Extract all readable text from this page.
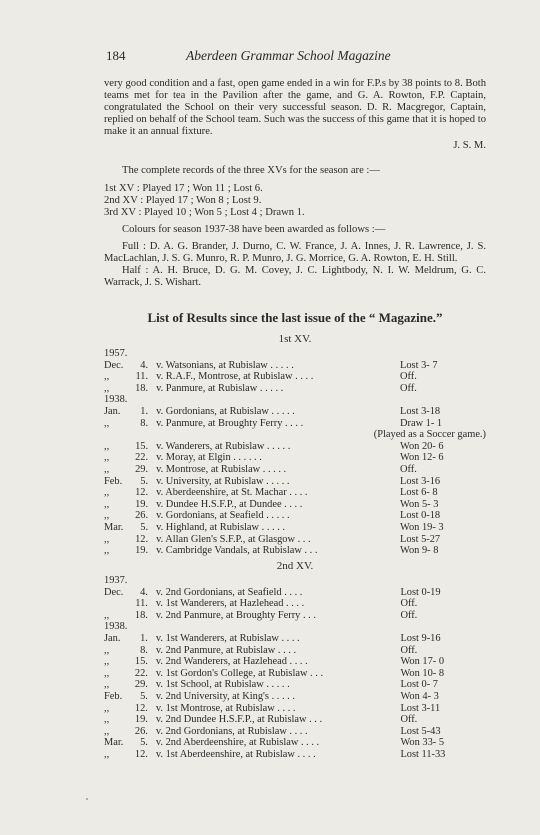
184	Aberdeen Grammar School Magazine
very good condition and a fast, open game ended in a win for F.P.s by 38 points to 8. Both teams met for tea in the Pavilion after the game, and G. A. Rowton, F.P. Captain, congratulated the School on their very successful season. D. R. Macgregor, Captain, replied on behalf of the School team. Such was the success of this game that it is hoped to make it an annual fixture.
J. S. M.
The complete records of the three XVs for the season are :—
1st XV : Played 17 ; Won 11 ; Lost 6.
2nd XV : Played 17 ; Won 8 ; Lost 9.
3rd XV : Played 10 ; Won 5 ; Lost 4 ; Drawn 1.
Colours for season 1937-38 have been awarded as follows :—
Full : D. A. G. Brander, J. Durno, C. W. France, J. A. Innes, J. R. Lawrence, J. S. MacLachlan, J. S. G. Munro, R. P. Munro, J. G. Morrice, G. A. Rowton, E. H. Still.
Half : A. H. Bruce, D. G. M. Covey, J. C. Lightbody, N. I. W. Meldrum, G. C. Warrack, J. S. Wishart.
List of Results since the last issue of the “ Magazine.”
1st XV.
1957.			
Dec.	4.	v. Watsonians, at Rubislaw . . . . .	Lost 3- 7
,,	11.	v. R.A.F., Montrose, at Rubislaw . . . .	Off.
,,	18.	v. Panmure, at Rubislaw . . . . .	Off.
1938.			
Jan.	1.	v. Gordonians, at Rubislaw . . . . .	Lost 3-18
,,	8.	v. Panmure, at Broughty Ferry . . . .	Draw 1- 1
		(Played as a Soccer game.)	
,,	15.	v. Wanderers, at Rubislaw . . . . .	Won 20- 6
,,	22.	v. Moray, at Elgin . . . . . .	Won 12- 6
,,	29.	v. Montrose, at Rubislaw . . . . .	Off.
Feb.	5.	v. University, at Rubislaw . . . . .	Lost 3-16
,,	12.	v. Aberdeenshire, at St. Machar . . . .	Lost 6- 8
,,	19.	v. Dundee H.S.F.P., at Dundee . . . .	Won 5- 3
,,	26.	v. Gordonians, at Seafield . . . . .	Lost 0-18
Mar.	5.	v. Highland, at Rubislaw . . . . .	Won 19- 3
,,	12.	v. Allan Glen's S.F.P., at Glasgow . . .	Lost 5-27
,,	19.	v. Cambridge Vandals, at Rubislaw . . .	Won 9- 8
2nd XV.
1937.			
Dec.	4.	v. 2nd Gordonians, at Seafield . . . .	Lost 0-19
	11.	v. 1st Wanderers, at Hazlehead . . . .	Off.
,,	18.	v. 2nd Panmure, at Broughty Ferry . . .	Off.
1938.			
Jan.	1.	v. 1st Wanderers, at Rubislaw . . . .	Lost 9-16
,,	8.	v. 2nd Panmure, at Rubislaw . . . .	Off.
,,	15.	v. 2nd Wanderers, at Hazlehead . . . .	Won 17- 0
,,	22.	v. 1st Gordon's College, at Rubislaw . . .	Won 10- 8
,,	29.	v. 1st School, at Rubislaw . . . . .	Lost 0- 7
Feb.	5.	v. 2nd University, at King's . . . . .	Won 4- 3
,,	12.	v. 1st Montrose, at Rubislaw . . . .	Lost 3-11
,,	19.	v. 2nd Dundee H.S.F.P., at Rubislaw . . .	Off.
,,	26.	v. 2nd Gordonians, at Rubislaw . . . .	Lost 5-43
Mar.	5.	v. 2nd Aberdeenshire, at Rubislaw . . . .	Won 33- 5
,,	12.	v. 1st Aberdeenshire, at Rubislaw . . . .	Lost 11-33
